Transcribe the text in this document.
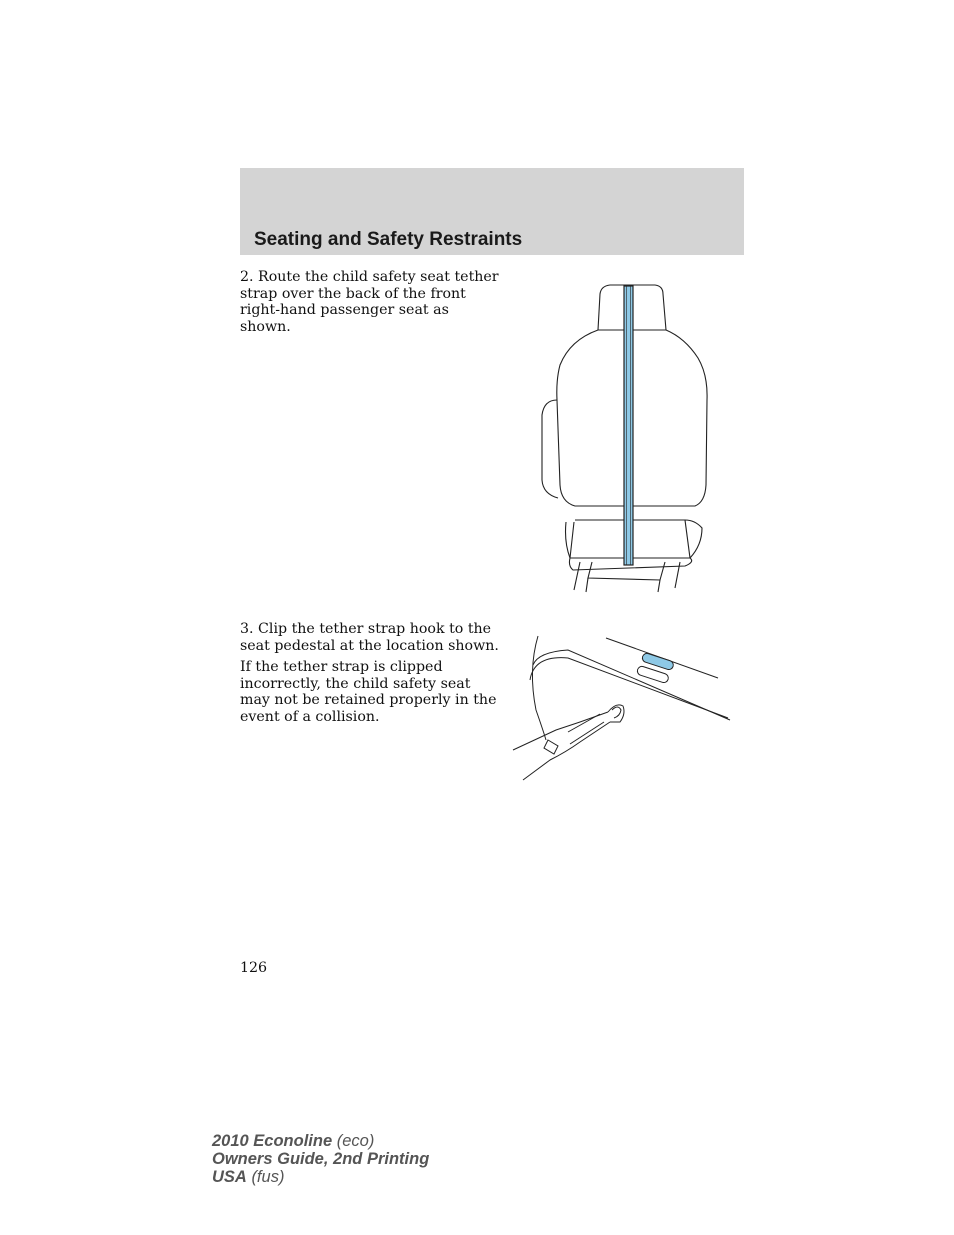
Seating and Safety Restraints

2. Route the child safety seat tether strap over the back of the front right-hand passenger seat as shown.

3. Clip the tether strap hook to the seat pedestal at the location shown.

If the tether strap is clipped incorrectly, the child safety seat may not be retained properly in the event of a collision.

126
2010 Econoline (eco)
Owners Guide, 2nd Printing
USA (fus)
